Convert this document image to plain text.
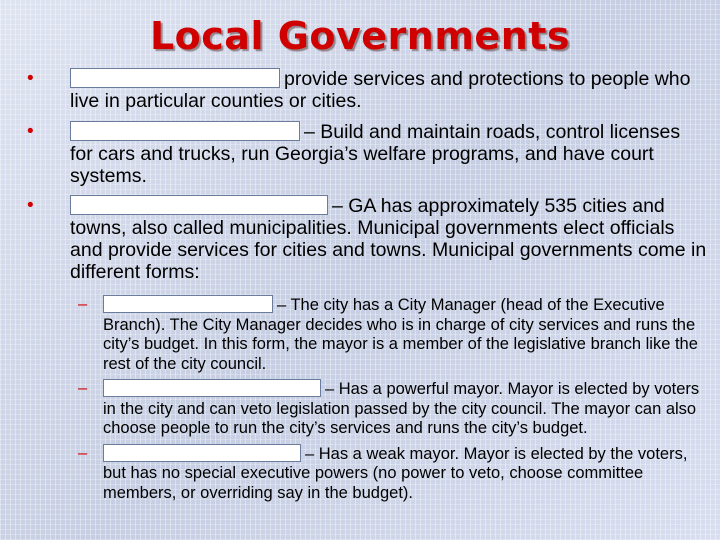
Local Governments

•	provide services and protections to people who live in particular counties or cities.

•	– Build and maintain roads, control licenses for cars and trucks, run Georgia’s welfare programs, and have court systems.

•	– GA has approximately 535 cities and towns, also called municipalities. Municipal governments elect officials and provide services for cities and towns. Municipal governments come in different forms:

–	– The city has a City Manager (head of the Executive Branch). The City Manager decides who is in charge of city services and runs the city’s budget. In this form, the mayor is a member of the legislative branch like the rest of the city council.

–	– Has a powerful mayor. Mayor is elected by voters in the city and can veto legislation passed by the city council. The mayor can also choose people to run the city’s services and runs the city’s budget.

–	– Has a weak mayor. Mayor is elected by the voters, but has no special executive powers (no power to veto, choose committee members, or overriding say in the budget).
